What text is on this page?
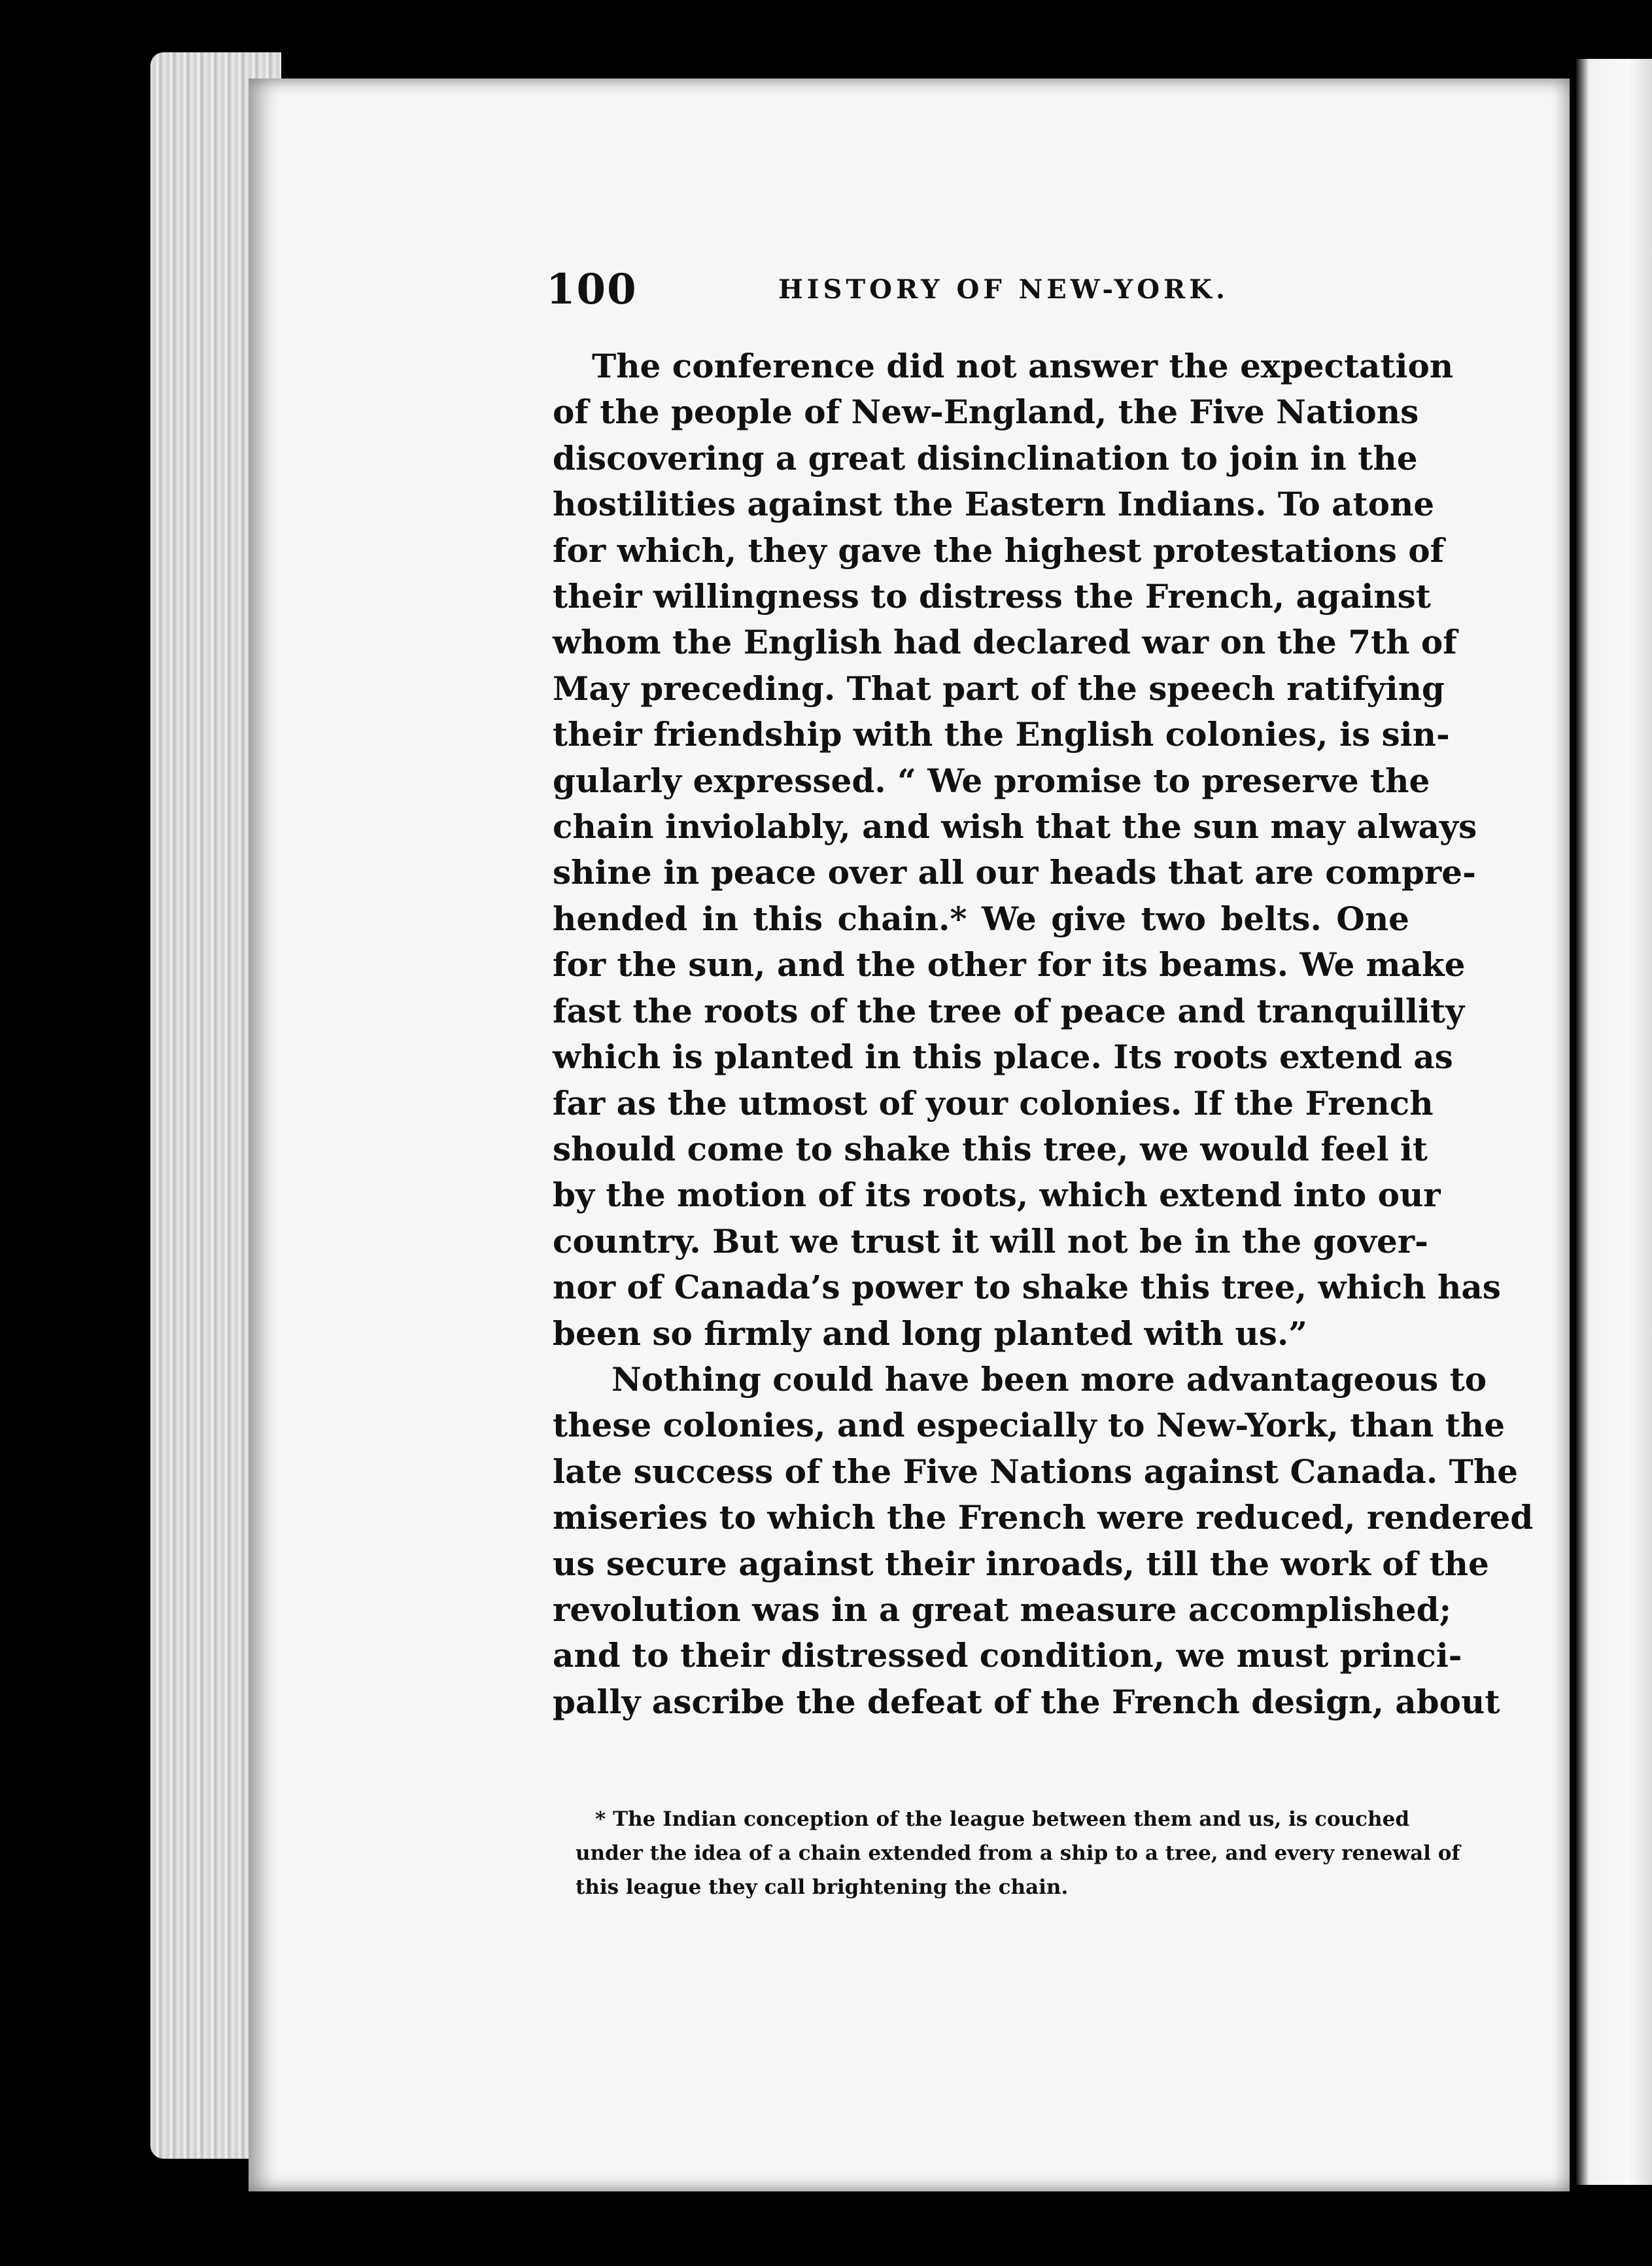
100	HISTORY OF NEW-YORK.
The conference did not answer the expectation
of the people of New-England, the Five Nations
discovering a great disinclination to join in the
hostilities against the Eastern Indians. To atone
for which, they gave the highest protestations of
their willingness to distress the French, against
whom the English had declared war on the 7th of
May preceding. That part of the speech ratifying
their friendship with the English colonies, is sin-
gularly expressed. “ We promise to preserve the
chain inviolably, and wish that the sun may always
shine in peace over all our heads that are compre-
hended in this chain.* We give two belts. One
for the sun, and the other for its beams. We make
fast the roots of the tree of peace and tranquillity
which is planted in this place. Its roots extend as
far as the utmost of your colonies. If the French
should come to shake this tree, we would feel it
by the motion of its roots, which extend into our
country. But we trust it will not be in the gover-
nor of Canada’s power to shake this tree, which has
been so firmly and long planted with us.”
Nothing could have been more advantageous to
these colonies, and especially to New-York, than the
late success of the Five Nations against Canada. The
miseries to which the French were reduced, rendered
us secure against their inroads, till the work of the
revolution was in a great measure accomplished;
and to their distressed condition, we must princi-
pally ascribe the defeat of the French design, about
* The Indian conception of the league between them and us, is couched
under the idea of a chain extended from a ship to a tree, and every renewal of
this league they call brightening the chain.
